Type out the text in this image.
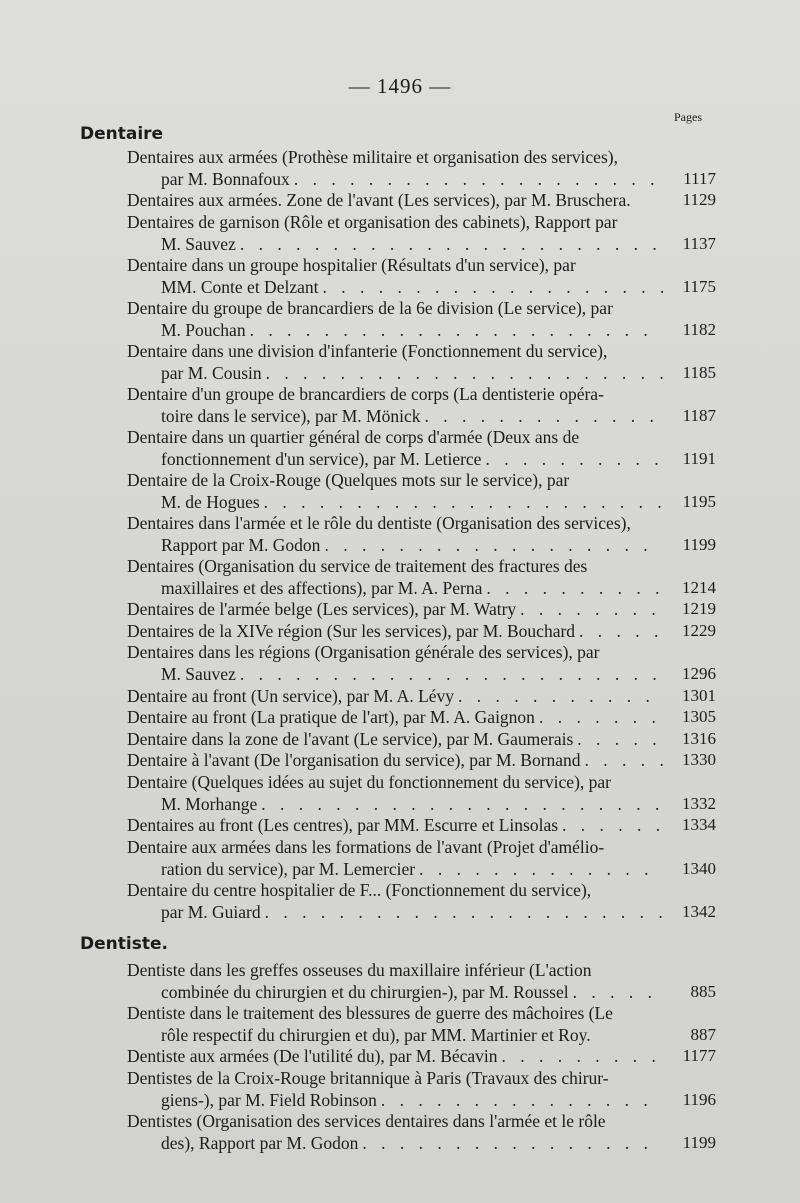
— 1496 —
Pages
Dentaire
Dentaires aux armées (Prothèse militaire et organisation des services),
par M. Bonnafoux . . .	1117
Dentaires aux armées. Zone de l'avant (Les services), par M. Bruschera.	1129
Dentaires de garnison (Rôle et organisation des cabinets), Rapport par
M. Sauvez . . .	1137
Dentaire dans un groupe hospitalier (Résultats d'un service), par
MM. Conte et Delzant . . .	1175
Dentaire du groupe de brancardiers de la 6e division (Le service), par
M. Pouchan . . .	1182
Dentaire dans une division d'infanterie (Fonctionnement du service),
par M. Cousin . . .	1185
Dentaire d'un groupe de brancardiers de corps (La dentisterie opéra-
toire dans le service), par M. Mönick . . .	1187
Dentaire dans un quartier général de corps d'armée (Deux ans de
fonctionnement d'un service), par M. Letierce . . .	1191
Dentaire de la Croix-Rouge (Quelques mots sur le service), par
M. de Hogues . . .	1195
Dentaires dans l'armée et le rôle du dentiste (Organisation des services),
Rapport par M. Godon . . .	1199
Dentaires (Organisation du service de traitement des fractures des
maxillaires et des affections), par M. A. Perna . . .	1214
Dentaires de l'armée belge (Les services), par M. Watry . . .	1219
Dentaires de la XIVe région (Sur les services), par M. Bouchard . . .	1229
Dentaires dans les régions (Organisation générale des services), par
M. Sauvez . . .	1296
Dentaire au front (Un service), par M. A. Lévy . . .	1301
Dentaire au front (La pratique de l'art), par M. A. Gaignon . . .	1305
Dentaire dans la zone de l'avant (Le service), par M. Gaumerais . . .	1316
Dentaire à l'avant (De l'organisation du service), par M. Bornand . . .	1330
Dentaire (Quelques idées au sujet du fonctionnement du service), par
M. Morhange . . .	1332
Dentaires au front (Les centres), par MM. Escurre et Linsolas . . .	1334
Dentaire aux armées dans les formations de l'avant (Projet d'amélio-
ration du service), par M. Lemercier . . .	1340
Dentaire du centre hospitalier de F... (Fonctionnement du service),
par M. Guiard . . .	1342
Dentiste.
Dentiste dans les greffes osseuses du maxillaire inférieur (L'action
combinée du chirurgien et du chirurgien-), par M. Roussel . . .	885
Dentiste dans le traitement des blessures de guerre des mâchoires (Le
rôle respectif du chirurgien et du), par MM. Martinier et Roy.	887
Dentiste aux armées (De l'utilité du), par M. Bécavin . . .	1177
Dentistes de la Croix-Rouge britannique à Paris (Travaux des chirur-
giens-), par M. Field Robinson . . .	1196
Dentistes (Organisation des services dentaires dans l'armée et le rôle
des), Rapport par M. Godon . . .	1199
